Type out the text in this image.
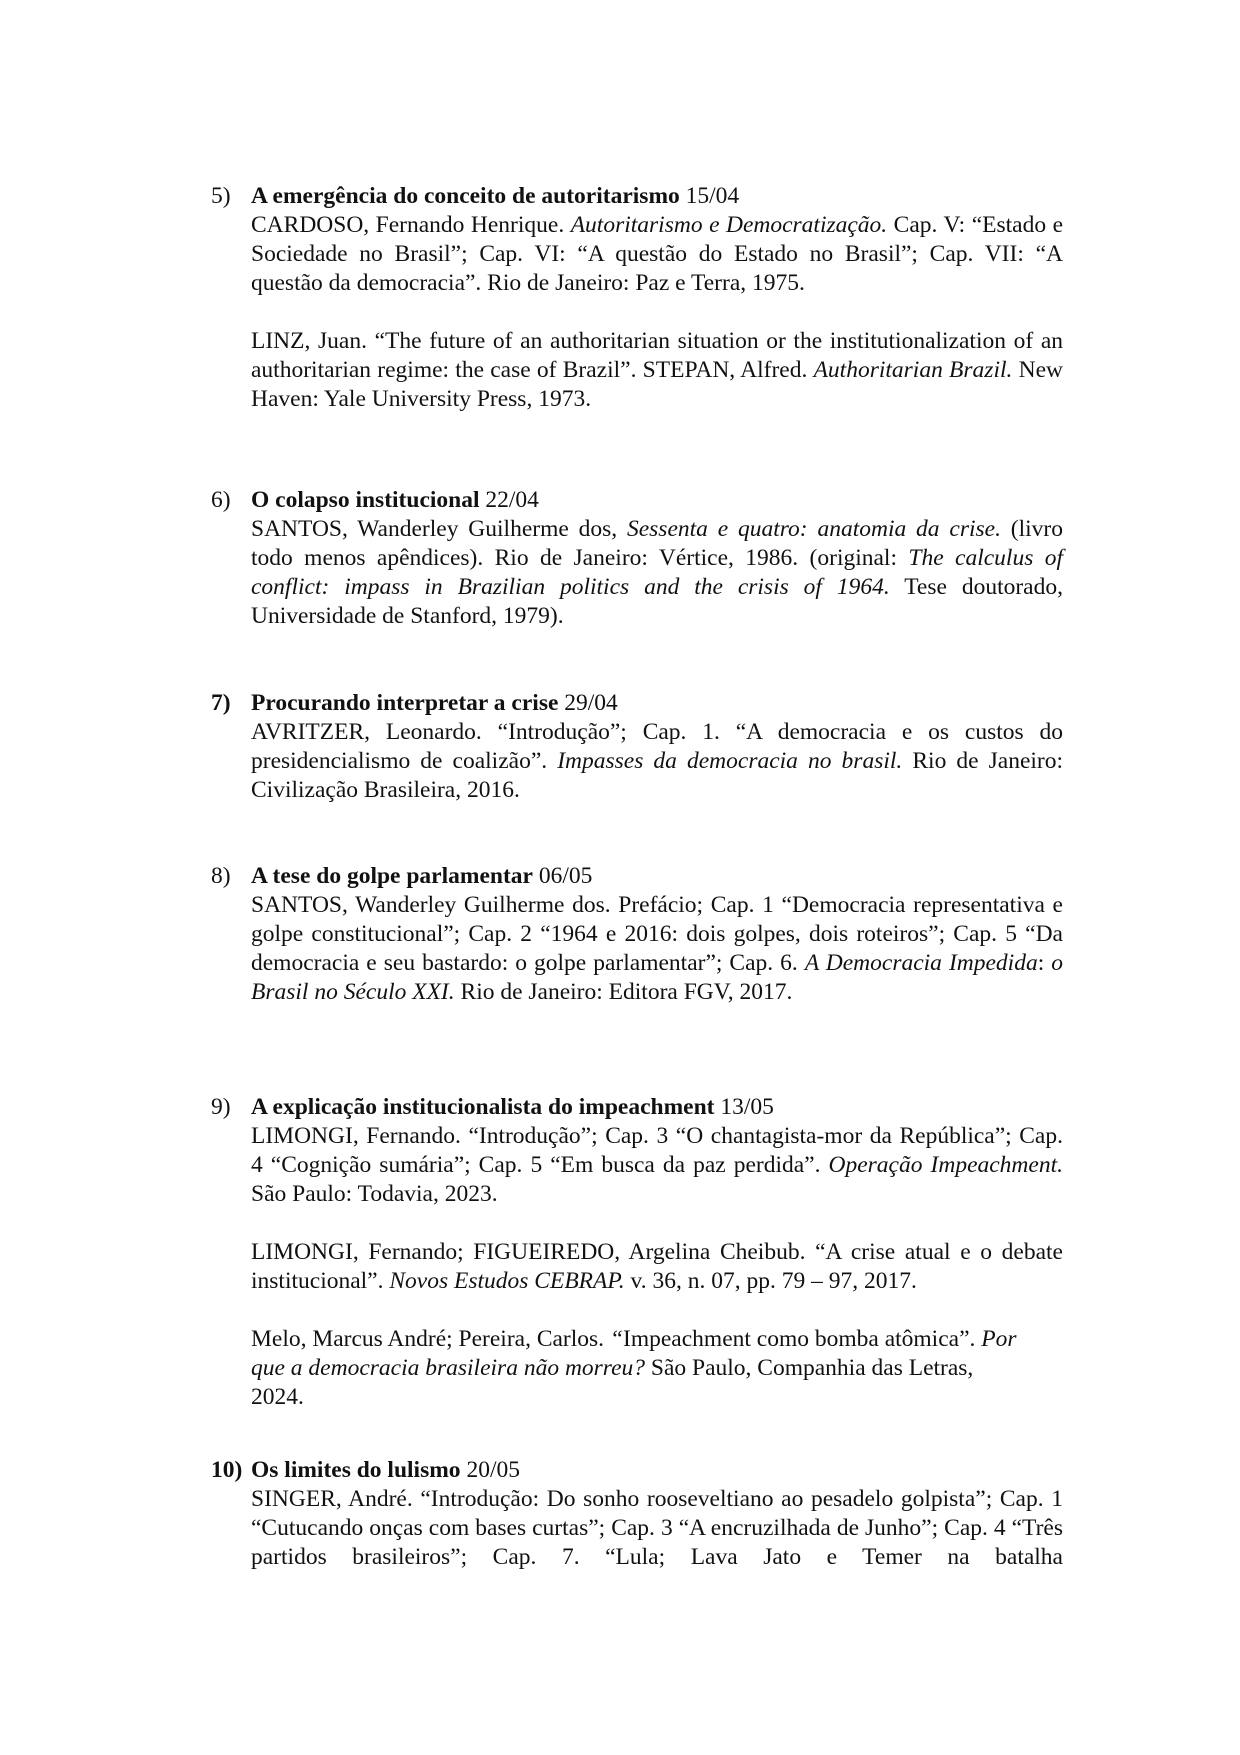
5) A emergência do conceito de autoritarismo 15/04
CARDOSO, Fernando Henrique. Autoritarismo e Democratização. Cap. V: “Estado e Sociedade no Brasil”; Cap. VI: “A questão do Estado no Brasil”; Cap. VII: “A questão da democracia”. Rio de Janeiro: Paz e Terra, 1975.
LINZ, Juan. “The future of an authoritarian situation or the institutionalization of an authoritarian regime: the case of Brazil”. STEPAN, Alfred. Authoritarian Brazil. New Haven: Yale University Press, 1973.
6) O colapso institucional 22/04
SANTOS, Wanderley Guilherme dos, Sessenta e quatro: anatomia da crise. (livro todo menos apêndices). Rio de Janeiro: Vértice, 1986. (original: The calculus of conflict: impass in Brazilian politics and the crisis of 1964. Tese doutorado, Universidade de Stanford, 1979).
7) Procurando interpretar a crise 29/04
AVRITZER, Leonardo. “Introdução”; Cap. 1. “A democracia e os custos do presidencialismo de coalizão”. Impasses da democracia no brasil. Rio de Janeiro: Civilização Brasileira, 2016.
8) A tese do golpe parlamentar 06/05
SANTOS, Wanderley Guilherme dos. Prefácio; Cap. 1 “Democracia representativa e golpe constitucional”; Cap. 2 “1964 e 2016: dois golpes, dois roteiros”; Cap. 5 “Da democracia e seu bastardo: o golpe parlamentar”; Cap. 6. A Democracia Impedida: o Brasil no Século XXI. Rio de Janeiro: Editora FGV, 2017.
9) A explicação institucionalista do impeachment 13/05
LIMONGI, Fernando. “Introdução”; Cap. 3 “O chantagista-mor da República”; Cap. 4 “Cognição sumária”; Cap. 5 “Em busca da paz perdida”. Operação Impeachment. São Paulo: Todavia, 2023.
LIMONGI, Fernando; FIGUEIREDO, Argelina Cheibub. “A crise atual e o debate institucional”. Novos Estudos CEBRAP. v. 36, n. 07, pp. 79 – 97, 2017.
Melo, Marcus André; Pereira, Carlos. “Impeachment como bomba atômica”. Por que a democracia brasileira não morreu? São Paulo, Companhia das Letras, 2024.
10) Os limites do lulismo 20/05
SINGER, André. “Introdução: Do sonho rooseveltiano ao pesadelo golpista”; Cap. 1 “Cutucando onças com bases curtas”; Cap. 3 “A encruzilhada de Junho”; Cap. 4 “Três partidos brasileiros”; Cap. 7. “Lula; Lava Jato e Temer na batalha
